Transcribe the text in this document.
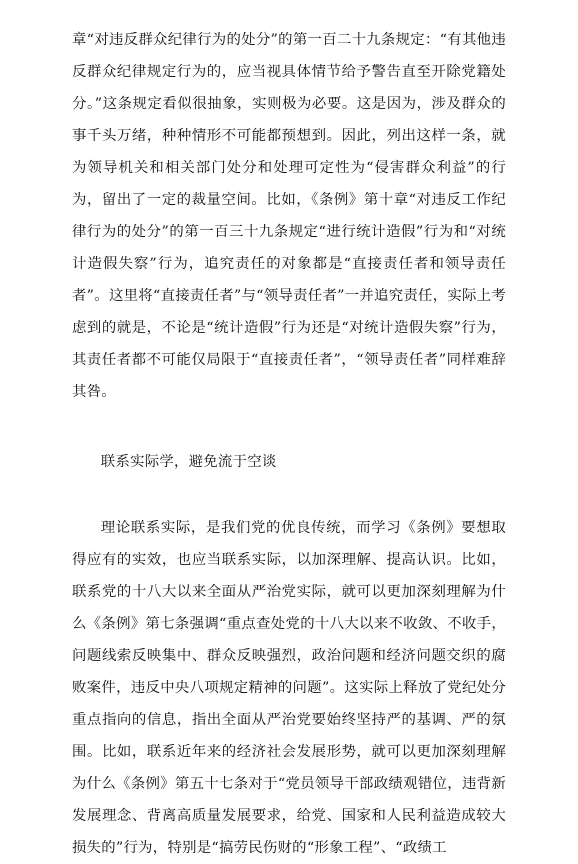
章“对违反群众纪律行为的处分”的第一百二十九条规定：“有其他违反群众纪律规定行为的，应当视具体情节给予警告直至开除党籍处分。”这条规定看似很抽象，实则极为必要。这是因为，涉及群众的事千头万绪，种种情形不可能都预想到。因此，列出这样一条，就为领导机关和相关部门处分和处理可定性为“侵害群众利益”的行为，留出了一定的裁量空间。比如，《条例》第十章“对违反工作纪律行为的处分”的第一百三十九条规定“进行统计造假”行为和“对统计造假失察”行为，追究责任的对象都是“直接责任者和领导责任者”。这里将“直接责任者”与“领导责任者”一并追究责任，实际上考虑到的就是，不论是“统计造假”行为还是“对统计造假失察”行为，其责任者都不可能仅局限于“直接责任者”，“领导责任者”同样难辞其咎。

联系实际学，避免流于空谈

理论联系实际，是我们党的优良传统，而学习《条例》要想取得应有的实效，也应当联系实际，以加深理解、提高认识。比如，联系党的十八大以来全面从严治党实际，就可以更加深刻理解为什么《条例》第七条强调“重点查处党的十八大以来不收敛、不收手，问题线索反映集中、群众反映强烈，政治问题和经济问题交织的腐败案件，违反中央八项规定精神的问题”。这实际上释放了党纪处分重点指向的信息，指出全面从严治党要始终坚持严的基调、严的氛围。比如，联系近年来的经济社会发展形势，就可以更加深刻理解为什么《条例》第五十七条对于“党员领导干部政绩观错位，违背新发展理念、背离高质量发展要求，给党、国家和人民利益造成较大损失的”行为，特别是“搞劳民伤财的“形象工程”、“政绩工
